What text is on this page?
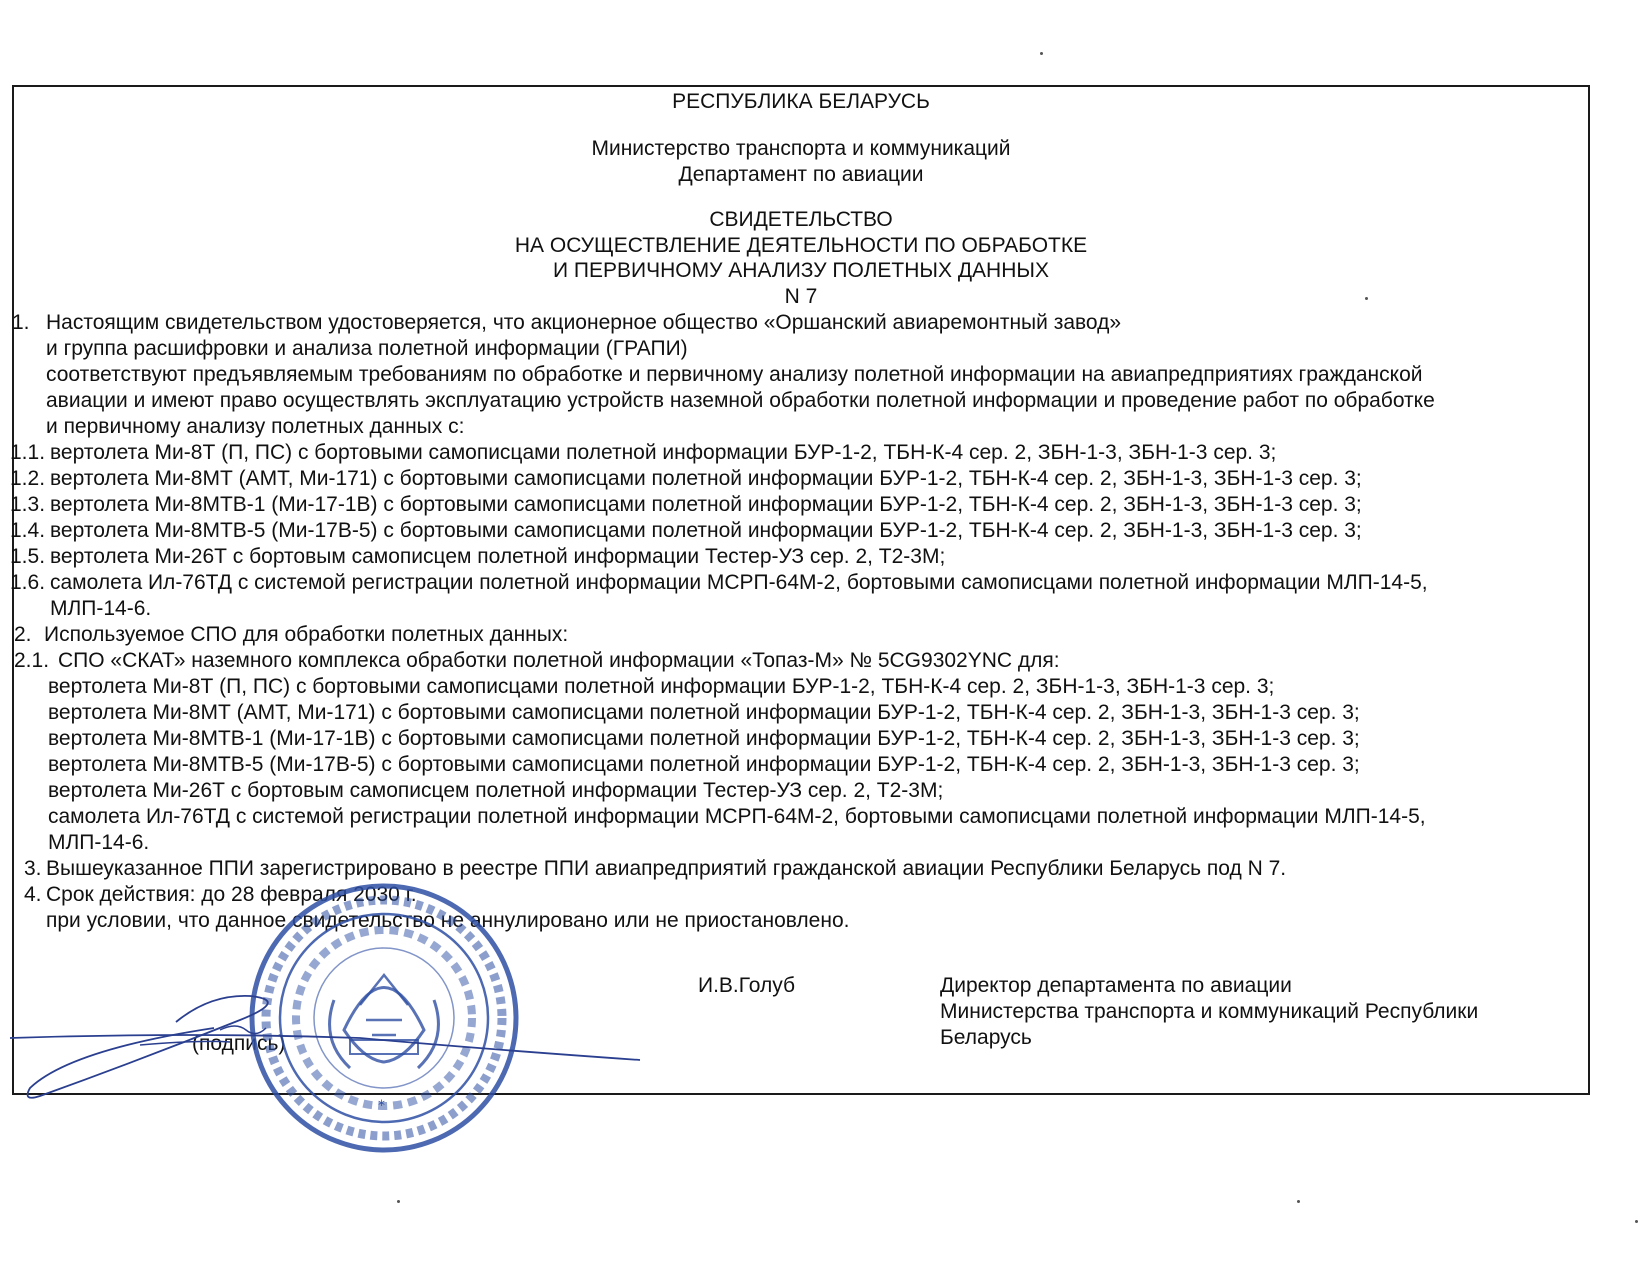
РЕСПУБЛИКА БЕЛАРУСЬ
Министерство транспорта и коммуникаций
Департамент по авиации
СВИДЕТЕЛЬСТВО
НА ОСУЩЕСТВЛЕНИЕ ДЕЯТЕЛЬНОСТИ ПО ОБРАБОТКЕ
И ПЕРВИЧНОМУ АНАЛИЗУ ПОЛЕТНЫХ ДАННЫХ
N 7
1. Настоящим свидетельством удостоверяется, что акционерное общество «Оршанский авиаремонтный завод»
и группа расшифровки и анализа полетной информации (ГРАПИ)
соответствуют предъявляемым требованиям по обработке и первичному анализу полетной информации на авиапредприятиях гражданской
авиации и имеют право осуществлять эксплуатацию устройств наземной обработки полетной информации и проведение работ по обработке
и первичному анализу полетных данных с:
1.1. вертолета Ми-8Т (П, ПС) с бортовыми самописцами полетной информации БУР-1-2, ТБН-К-4 сер. 2, ЗБН-1-3, ЗБН-1-3 сер. 3;
1.2. вертолета Ми-8МТ (АМТ, Ми-171) с бортовыми самописцами полетной информации БУР-1-2, ТБН-К-4 сер. 2, ЗБН-1-3, ЗБН-1-3 сер. 3;
1.3. вертолета Ми-8МТВ-1 (Ми-17-1В) с бортовыми самописцами полетной информации БУР-1-2, ТБН-К-4 сер. 2, ЗБН-1-3, ЗБН-1-3 сер. 3;
1.4. вертолета Ми-8МТВ-5 (Ми-17В-5) с бортовыми самописцами полетной информации БУР-1-2, ТБН-К-4 сер. 2, ЗБН-1-3, ЗБН-1-3 сер. 3;
1.5. вертолета Ми-26Т с бортовым самописцем полетной информации Тестер-УЗ сер. 2, Т2-3М;
1.6. самолета Ил-76ТД с системой регистрации полетной информации МСРП-64М-2, бортовыми самописцами полетной информации МЛП-14-5,
МЛП-14-6.
2. Используемое СПО для обработки полетных данных:
2.1. СПО «СКАТ» наземного комплекса обработки полетной информации «Топаз-М» № 5CG9302YNC для:
вертолета Ми-8Т (П, ПС) с бортовыми самописцами полетной информации БУР-1-2, ТБН-К-4 сер. 2, ЗБН-1-3, ЗБН-1-3 сер. 3;
вертолета Ми-8МТ (АМТ, Ми-171) с бортовыми самописцами полетной информации БУР-1-2, ТБН-К-4 сер. 2, ЗБН-1-3, ЗБН-1-3 сер. 3;
вертолета Ми-8МТВ-1 (Ми-17-1В) с бортовыми самописцами полетной информации БУР-1-2, ТБН-К-4 сер. 2, ЗБН-1-3, ЗБН-1-3 сер. 3;
вертолета Ми-8МТВ-5 (Ми-17В-5) с бортовыми самописцами полетной информации БУР-1-2, ТБН-К-4 сер. 2, ЗБН-1-3, ЗБН-1-3 сер. 3;
вертолета Ми-26Т с бортовым самописцем полетной информации Тестер-УЗ сер. 2, Т2-3М;
самолета Ил-76ТД с системой регистрации полетной информации МСРП-64М-2, бортовыми самописцами полетной информации МЛП-14-5,
МЛП-14-6.
3. Вышеуказанное ППИ зарегистрировано в реестре ППИ авиапредприятий гражданской авиации Республики Беларусь под N 7.
4. Срок действия: до 28 февраля 2030 г.
при условии, что данное свидетельство не аннулировано или не приостановлено.
И.В.Голуб	Директор департамента по авиации
Министерства транспорта и коммуникаций Республики
Беларусь
(подпись)
*
